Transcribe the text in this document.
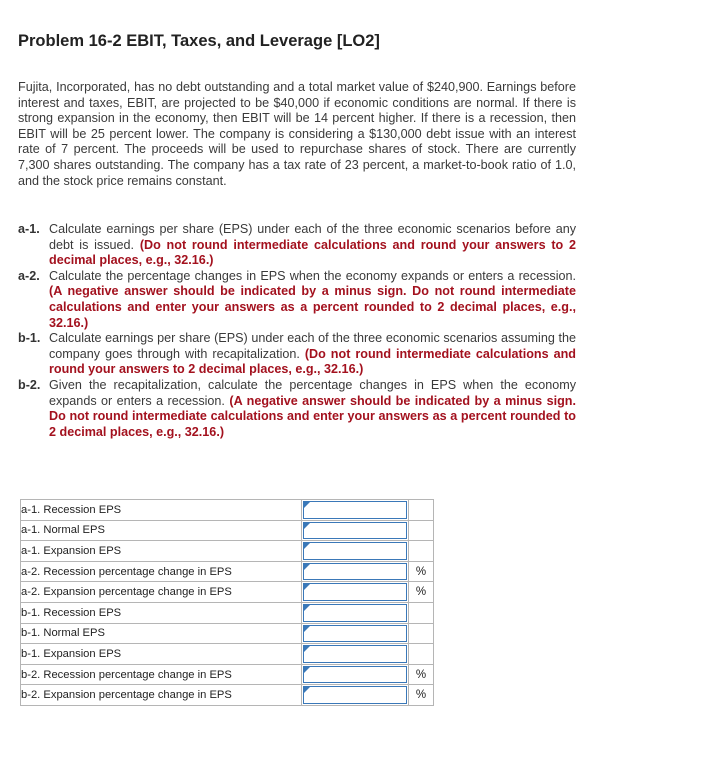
Problem 16-2 EBIT, Taxes, and Leverage [LO2]
Fujita, Incorporated, has no debt outstanding and a total market value of $240,900. Earnings before interest and taxes, EBIT, are projected to be $40,000 if economic conditions are normal. If there is strong expansion in the economy, then EBIT will be 14 percent higher. If there is a recession, then EBIT will be 25 percent lower. The company is considering a $130,000 debt issue with an interest rate of 7 percent. The proceeds will be used to repurchase shares of stock. There are currently 7,300 shares outstanding. The company has a tax rate of 23 percent, a market-to-book ratio of 1.0, and the stock price remains constant.
a-1. Calculate earnings per share (EPS) under each of the three economic scenarios before any debt is issued. (Do not round intermediate calculations and round your answers to 2 decimal places, e.g., 32.16.)
a-2. Calculate the percentage changes in EPS when the economy expands or enters a recession. (A negative answer should be indicated by a minus sign. Do not round intermediate calculations and enter your answers as a percent rounded to 2 decimal places, e.g., 32.16.)
b-1. Calculate earnings per share (EPS) under each of the three economic scenarios assuming the company goes through with recapitalization. (Do not round intermediate calculations and round your answers to 2 decimal places, e.g., 32.16.)
b-2. Given the recapitalization, calculate the percentage changes in EPS when the economy expands or enters a recession. (A negative answer should be indicated by a minus sign. Do not round intermediate calculations and enter your answers as a percent rounded to 2 decimal places, e.g., 32.16.)
a-1. Recession EPS	

a-1. Normal EPS	

a-1. Expansion EPS	

a-2. Recession percentage change in EPS		%
a-2. Expansion percentage change in EPS		%
b-1. Recession EPS	

b-1. Normal EPS	

b-1. Expansion EPS	

b-2. Recession percentage change in EPS		%
b-2. Expansion percentage change in EPS		%
